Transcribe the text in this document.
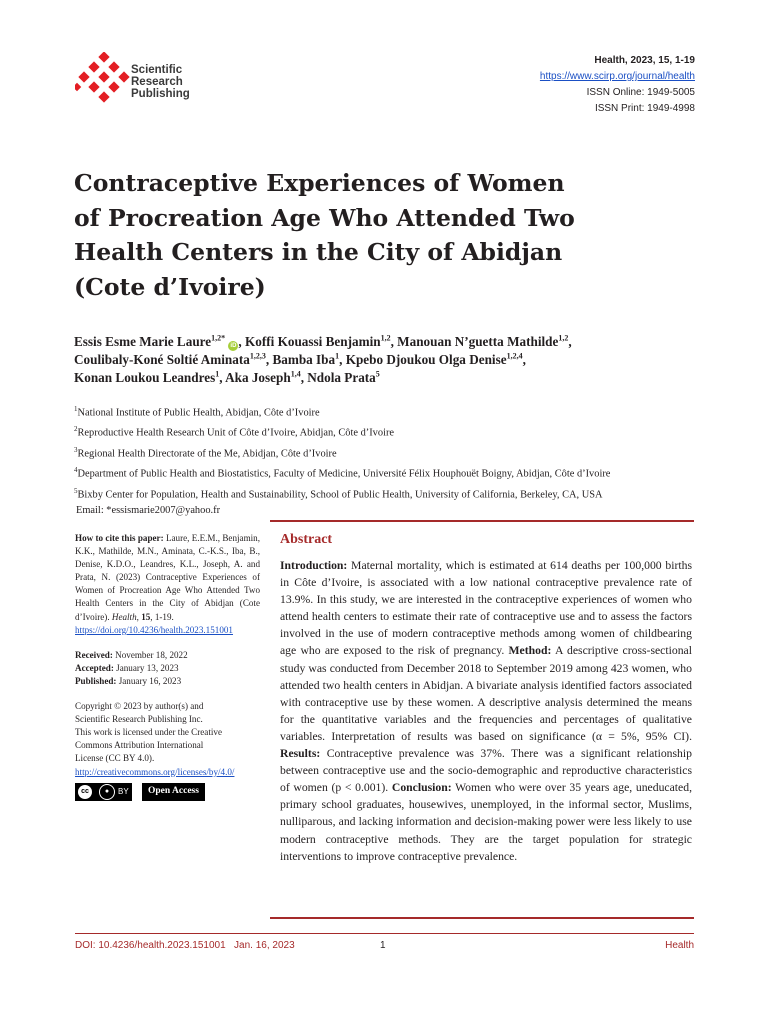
Scientific
Research
Publishing
Health, 2023, 15, 1-19
https://www.scirp.org/journal/health
ISSN Online: 1949-5005
ISSN Print: 1949-4998
Contraceptive Experiences of Women
of Procreation Age Who Attended Two
Health Centers in the City of Abidjan
(Cote d’Ivoire)
Essis Esme Marie Laure$^{1,2*}$ iD , Koffi Kouassi Benjamin$^{1,2}$, Manouan N’guetta Mathilde$^{1,2}$,
Coulibaly-Koné Soltié Aminata$^{1,2,3}$, Bamba Iba$^1$, Kpebo Djoukou Olga Denise$^{1,2,4}$,
Konan Loukou Leandres$^1$, Aka Joseph$^{1,4}$, Ndola Prata$^5$
$^1$National Institute of Public Health, Abidjan, Côte d’Ivoire
$^2$Reproductive Health Research Unit of Côte d’Ivoire, Abidjan, Côte d’Ivoire
$^3$Regional Health Directorate of the Me, Abidjan, Côte d’Ivoire
$^4$Department of Public Health and Biostatistics, Faculty of Medicine, Université Félix Houphouët Boigny, Abidjan, Côte d’Ivoire
$^5$Bixby Center for Population, Health and Sustainability, School of Public Health, University of California, Berkeley, CA, USA
Email: *essismarie2007@yahoo.fr

How to cite this paper: Laure, E.E.M., Benjamin, K.K., Mathilde, M.N., Aminata, C.-K.S., Iba, B., Denise, K.D.O., Leandres, K.L., Joseph, A. and Prata, N. (2023) Contraceptive Experiences of Women of Procreation Age Who Attended Two Health Centers in the City of Abidjan (Cote d’Ivoire). Health, 15, 1-19.

https://doi.org/10.4236/health.2023.151001

Received: November 18, 2022

Accepted: January 13, 2023

Published: January 16, 2023

Copyright © 2023 by author(s) and

Scientific Research Publishing Inc.

This work is licensed under the Creative

Commons Attribution International

License (CC BY 4.0).

http://creativecommons.org/licenses/by/4.0/

cc	●	BY	Open Access
Abstract
Introduction: Maternal mortality, which is estimated at 614 deaths per 100,000 births in Côte d’Ivoire, is associated with a low national contraceptive prevalence rate of 13.9%. In this study, we are interested in the contraceptive experiences of women who attend health centers to estimate their rate of contraceptive use and to assess the factors involved in the use of modern contraceptive methods among women of childbearing age who are exposed to the risk of pregnancy. Method: A descriptive cross-sectional study was conducted from December 2018 to September 2019 among 423 women, who attended two health centers in Abidjan. A bivariate analysis identified factors associated with contraceptive use by these women. A descriptive analysis determined the means for the quantitative variables and the frequencies and percentages of qualitative variables. Interpretation of results was based on significance (α = 5%, 95% CI). Results: Contraceptive prevalence was 37%. There was a significant relationship between contraceptive use and the socio-demographic and reproductive characteristics of women (p < 0.001). Conclusion: Women who were over 35 years age, uneducated, primary school graduates, housewives, unemployed, in the informal sector, Muslims, nulliparous, and lacking information and decision-making power were less likely to use modern contraceptive methods. They are the target population for strategic interventions to improve contraceptive prevalence.
DOI: 10.4236/health.2023.151001 Jan. 16, 2023	1	Health
